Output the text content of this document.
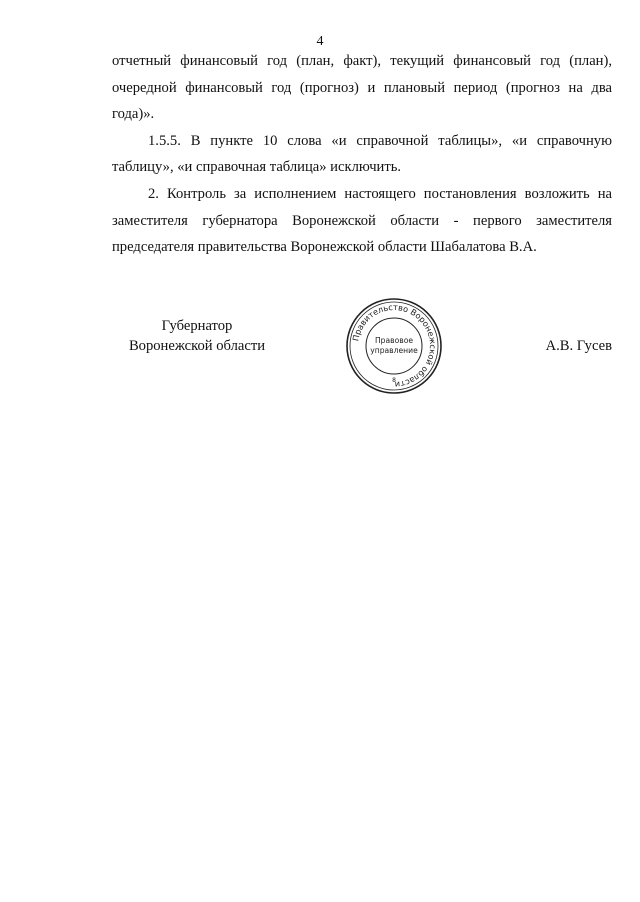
4

отчетный финансовый год (план, факт), текущий финансовый год (план), очередной финансовый год (прогноз) и плановый период (прогноз на два года)».

1.5.5. В пункте 10 слова «и справочной таблицы», «и справочную таблицу», «и справочная таблица» исключить.

2. Контроль за исполнением настоящего постановления возложить на заместителя губернатора Воронежской области - первого заместителя председателя правительства Воронежской области Шабалатова В.А.

Губернатор
Воронежской области
Правительство Воронежской области
Правовое
управление
8
А.В. Гусев
